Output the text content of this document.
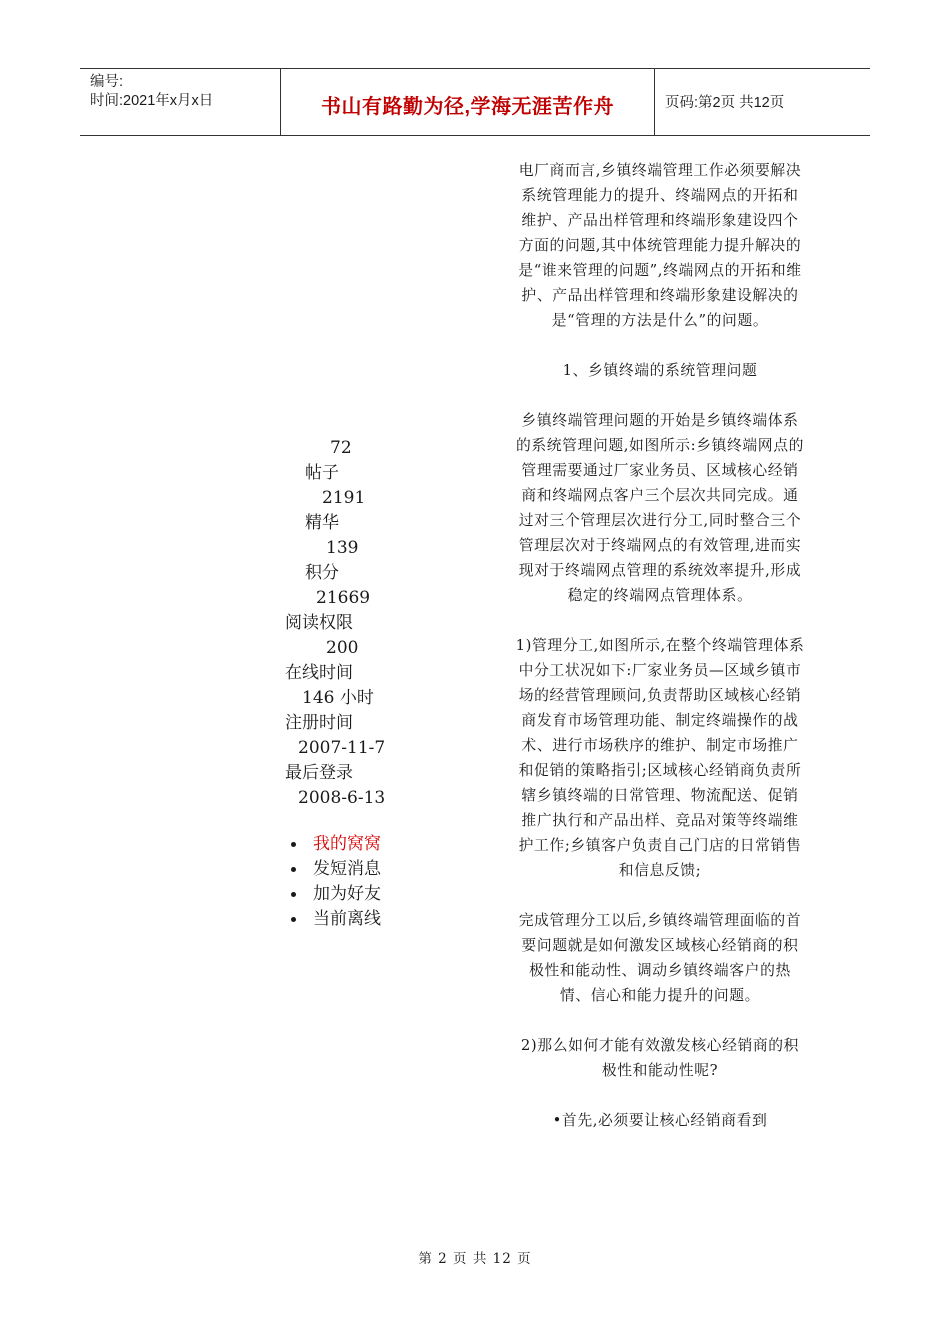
编号:
时间:2021年x月x日	书山有路勤为径,学海无涯苦作舟	页码:第2页 共12页

电厂商而言,乡镇终端管理工作必须要解决系统管理能力的提升、终端网点的开拓和维护、产品出样管理和终端形象建设四个方面的问题,其中体统管理能力提升解决的是“谁来管理的问题”,终端网点的开拓和维护、产品出样管理和终端形象建设解决的是“管理的方法是什么”的问题。

1、乡镇终端的系统管理问题

乡镇终端管理问题的开始是乡镇终端体系的系统管理问题,如图所示:乡镇终端网点的管理需要通过厂家业务员、区域核心经销商和终端网点客户三个层次共同完成。通过对三个管理层次进行分工,同时整合三个管理层次对于终端网点的有效管理,进而实现对于终端网点管理的系统效率提升,形成稳定的终端网点管理体系。

1)管理分工,如图所示,在整个终端管理体系中分工状况如下:厂家业务员—区域乡镇市场的经营管理顾问,负责帮助区域核心经销商发育市场管理功能、制定终端操作的战术、进行市场秩序的维护、制定市场推广和促销的策略指引;区域核心经销商负责所辖乡镇终端的日常管理、物流配送、促销推广执行和产品出样、竞品对策等终端维护工作;乡镇客户负责自己门店的日常销售和信息反馈;

完成管理分工以后,乡镇终端管理面临的首要问题就是如何激发区域核心经销商的积极性和能动性、调动乡镇终端客户的热情、信心和能力提升的问题。

2)那么如何才能有效激发核心经销商的积极性和能动性呢?

•首先,必须要让核心经销商看到

72
帖子
2191
精华
139
积分
21669
阅读权限
200
在线时间
146 小时
注册时间
2007-11-7
最后登录
2008-6-13
我的窝窝
发短消息
加为好友
当前离线
第 2 页 共 12 页
